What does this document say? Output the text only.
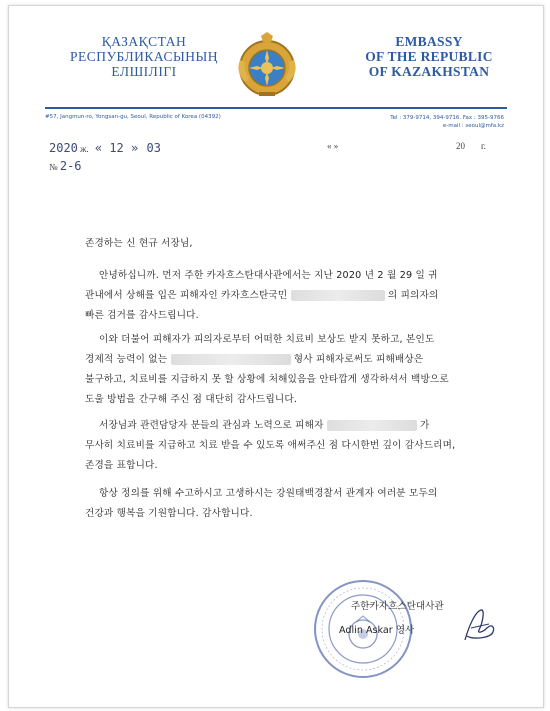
ҚАЗАҚСТАН
РЕСПУБЛИКАСЫНЫҢ
ЕЛШІЛІГІ
EMBASSY
OF THE REPUBLIC
OF KAZAKHSTAN
#57, Jangmun-ro, Yongsan-gu, Seoul, Republic of Korea (04392)	Tel : 379-9714, 394-9716. Fax : 395-9766
e-mail : seoul@mfa.kz
2020 ж. « 12 » 03	« »	20 г.
№ 2-6
존경하는 신 현규 서장님,
안녕하십니까. 먼저 주한 카자흐스탄대사관에서는 지난 2020 년 2 월 29 일 귀
관내에서 상해를 입은 피해자인 카자흐스탄국민	의 피의자의
빠른 검거를 감사드립니다.
이와 더불어 피해자가 피의자로부터 어떠한 치료비 보상도 받지 못하고, 본인도
경제적 능력이 없는	형사 피해자로써도 피해배상은
불구하고, 치료비를 지급하지 못 할 상황에 처해있음을 안타깝게 생각하셔서 백방으로
도울 방법을 간구해 주신 점 대단히 감사드립니다.
서장님과 관련담당자 분들의 관심과 노력으로 피해자	가
무사히 치료비를 지급하고 치료 받을 수 있도록 애써주신 점 다시한번 깊이 감사드리며,
존경을 표합니다.
항상 정의를 위해 수고하시고 고생하시는 강원태백경찰서 관계자 여러분 모두의
건강과 행복을 기원합니다. 감사합니다.
주한카자흐스탄대사관
Adlin Askar 영사
